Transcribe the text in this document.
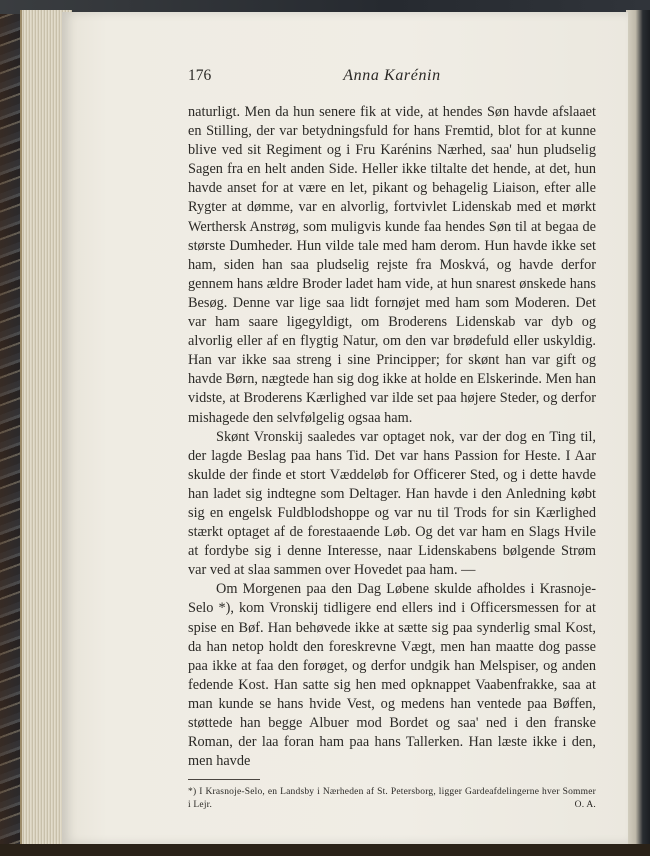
176	Anna Karénin

naturligt. Men da hun senere fik at vide, at hendes Søn havde afslaaet en Stilling, der var betydningsfuld for hans Fremtid, blot for at kunne blive ved sit Regiment og i Fru Karénins Nærhed, saa' hun pludselig Sagen fra en helt anden Side. Heller ikke tiltalte det hende, at det, hun havde anset for at være en let, pikant og behagelig Liaison, efter alle Rygter at dømme, var en alvorlig, fortvivlet Lidenskab med et mørkt Werthersk Anstrøg, som muligvis kunde faa hendes Søn til at begaa de største Dumheder. Hun vilde tale med ham derom. Hun havde ikke set ham, siden han saa pludselig rejste fra Moskvá, og havde derfor gennem hans ældre Broder ladet ham vide, at hun snarest ønskede hans Besøg. Denne var lige saa lidt fornøjet med ham som Moderen. Det var ham saare ligegyldigt, om Broderens Lidenskab var dyb og alvorlig eller af en flygtig Natur, om den var brødefuld eller uskyldig. Han var ikke saa streng i sine Principper; for skønt han var gift og havde Børn, nægtede han sig dog ikke at holde en Elskerinde. Men han vidste, at Broderens Kærlighed var ilde set paa højere Steder, og derfor mishagede den selvfølgelig ogsaa ham.

Skønt Vronskij saaledes var optaget nok, var der dog en Ting til, der lagde Beslag paa hans Tid. Det var hans Passion for Heste. I Aar skulde der finde et stort Væddeløb for Officerer Sted, og i dette havde han ladet sig indtegne som Deltager. Han havde i den Anledning købt sig en engelsk Fuldblodshoppe og var nu til Trods for sin Kærlighed stærkt optaget af de forestaaende Løb. Og det var ham en Slags Hvile at fordybe sig i denne Interesse, naar Lidenskabens bølgende Strøm var ved at slaa sammen over Hovedet paa ham. —

Om Morgenen paa den Dag Løbene skulde afholdes i Krasnoje-Selo *), kom Vronskij tidligere end ellers ind i Officersmessen for at spise en Bøf. Han behøvede ikke at sætte sig paa synderlig smal Kost, da han netop holdt den foreskrevne Vægt, men han maatte dog passe paa ikke at faa den forøget, og derfor undgik han Melspiser, og anden fedende Kost. Han satte sig hen med opknappet Vaabenfrakke, saa at man kunde se hans hvide Vest, og medens han ventede paa Bøffen, støttede han begge Albuer mod Bordet og saa' ned i den franske Roman, der laa foran ham paa hans Tallerken. Han læste ikke i den, men havde

*) I Krasnoje-Selo, en Landsby i Nærheden af St. Petersborg, ligger Gardeafdelingerne hver Sommer i Lejr.	O. A.
